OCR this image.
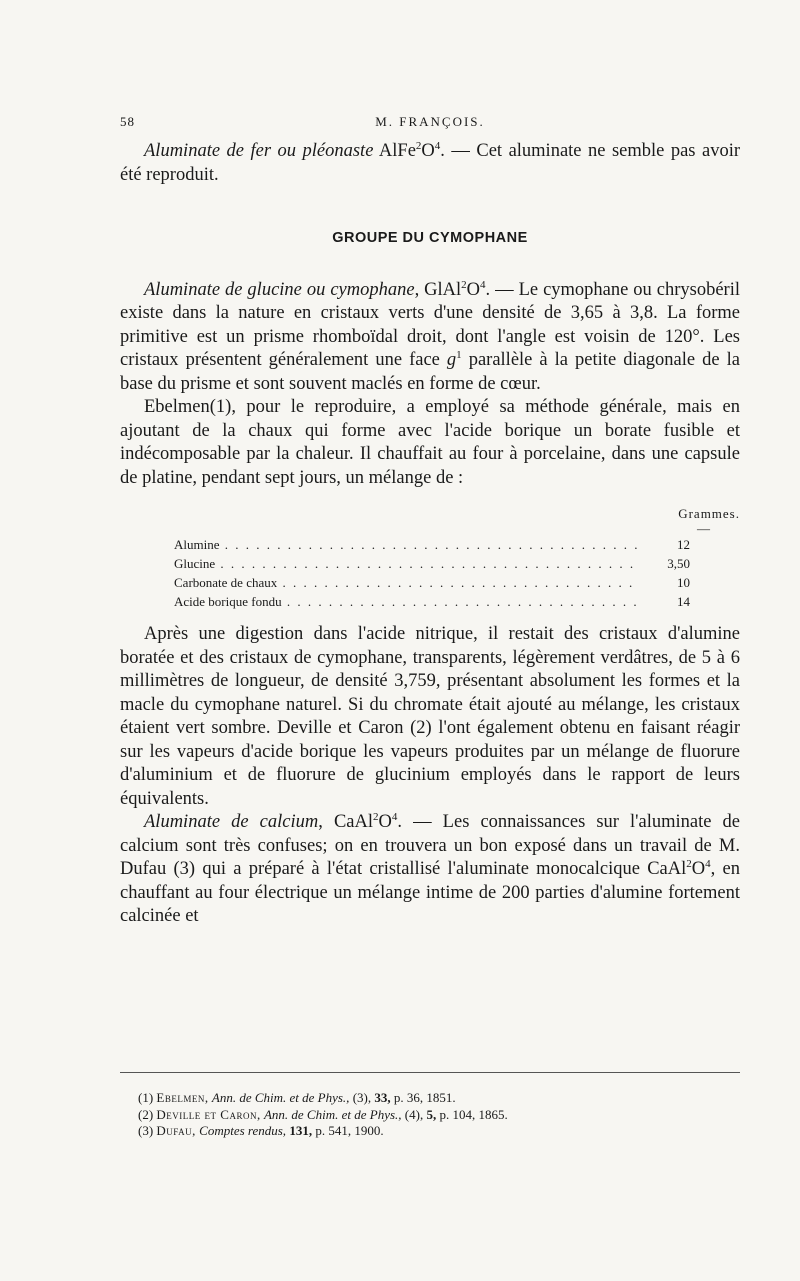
58	M. FRANÇOIS.

Aluminate de fer ou pléonaste $AlFe^2O^4$. — Cet aluminate ne semble pas avoir été reproduit.

GROUPE DU CYMOPHANE

Aluminate de glucine ou cymophane, $GlAl^2O^4$. — Le cymophane ou chrysobéril existe dans la nature en cristaux verts d'une densité de 3,65 à 3,8. La forme primitive est un prisme rhomboïdal droit, dont l'angle est voisin de 120°. Les cristaux présentent généralement une face $g^1$ parallèle à la petite diagonale de la base du prisme et sont souvent maclés en forme de cœur.

Ebelmen(1), pour le reproduire, a employé sa méthode générale, mais en ajoutant de la chaux qui forme avec l'acide borique un borate fusible et indécomposable par la chaleur. Il chauffait au four à porcelaine, dans une capsule de platine, pendant sept jours, un mélange de :

Grammes.
—
Alumine . . .	12
Glucine . . .	3,50
Carbonate de chaux . . .	10
Acide borique fondu . . .	14

Après une digestion dans l'acide nitrique, il restait des cristaux d'alumine boratée et des cristaux de cymophane, transparents, légèrement verdâtres, de 5 à 6 millimètres de longueur, de densité 3,759, présentant absolument les formes et la macle du cymophane naturel. Si du chromate était ajouté au mélange, les cristaux étaient vert sombre. Deville et Caron (2) l'ont également obtenu en faisant réagir sur les vapeurs d'acide borique les vapeurs produites par un mélange de fluorure d'aluminium et de fluorure de glucinium employés dans le rapport de leurs équivalents.

Aluminate de calcium, $CaAl^2O^4$. — Les connaissances sur l'aluminate de calcium sont très confuses; on en trouvera un bon exposé dans un travail de M. Dufau (3) qui a préparé à l'état cristallisé l'aluminate monocalcique $CaAl^2O^4$, en chauffant au four électrique un mélange intime de 200 parties d'alumine fortement calcinée et

(1) Ebelmen, Ann. de Chim. et de Phys., (3), 33, p. 36, 1851.

(2) Deville et Caron, Ann. de Chim. et de Phys., (4), 5, p. 104, 1865.

(3) Dufau, Comptes rendus, 131, p. 541, 1900.
